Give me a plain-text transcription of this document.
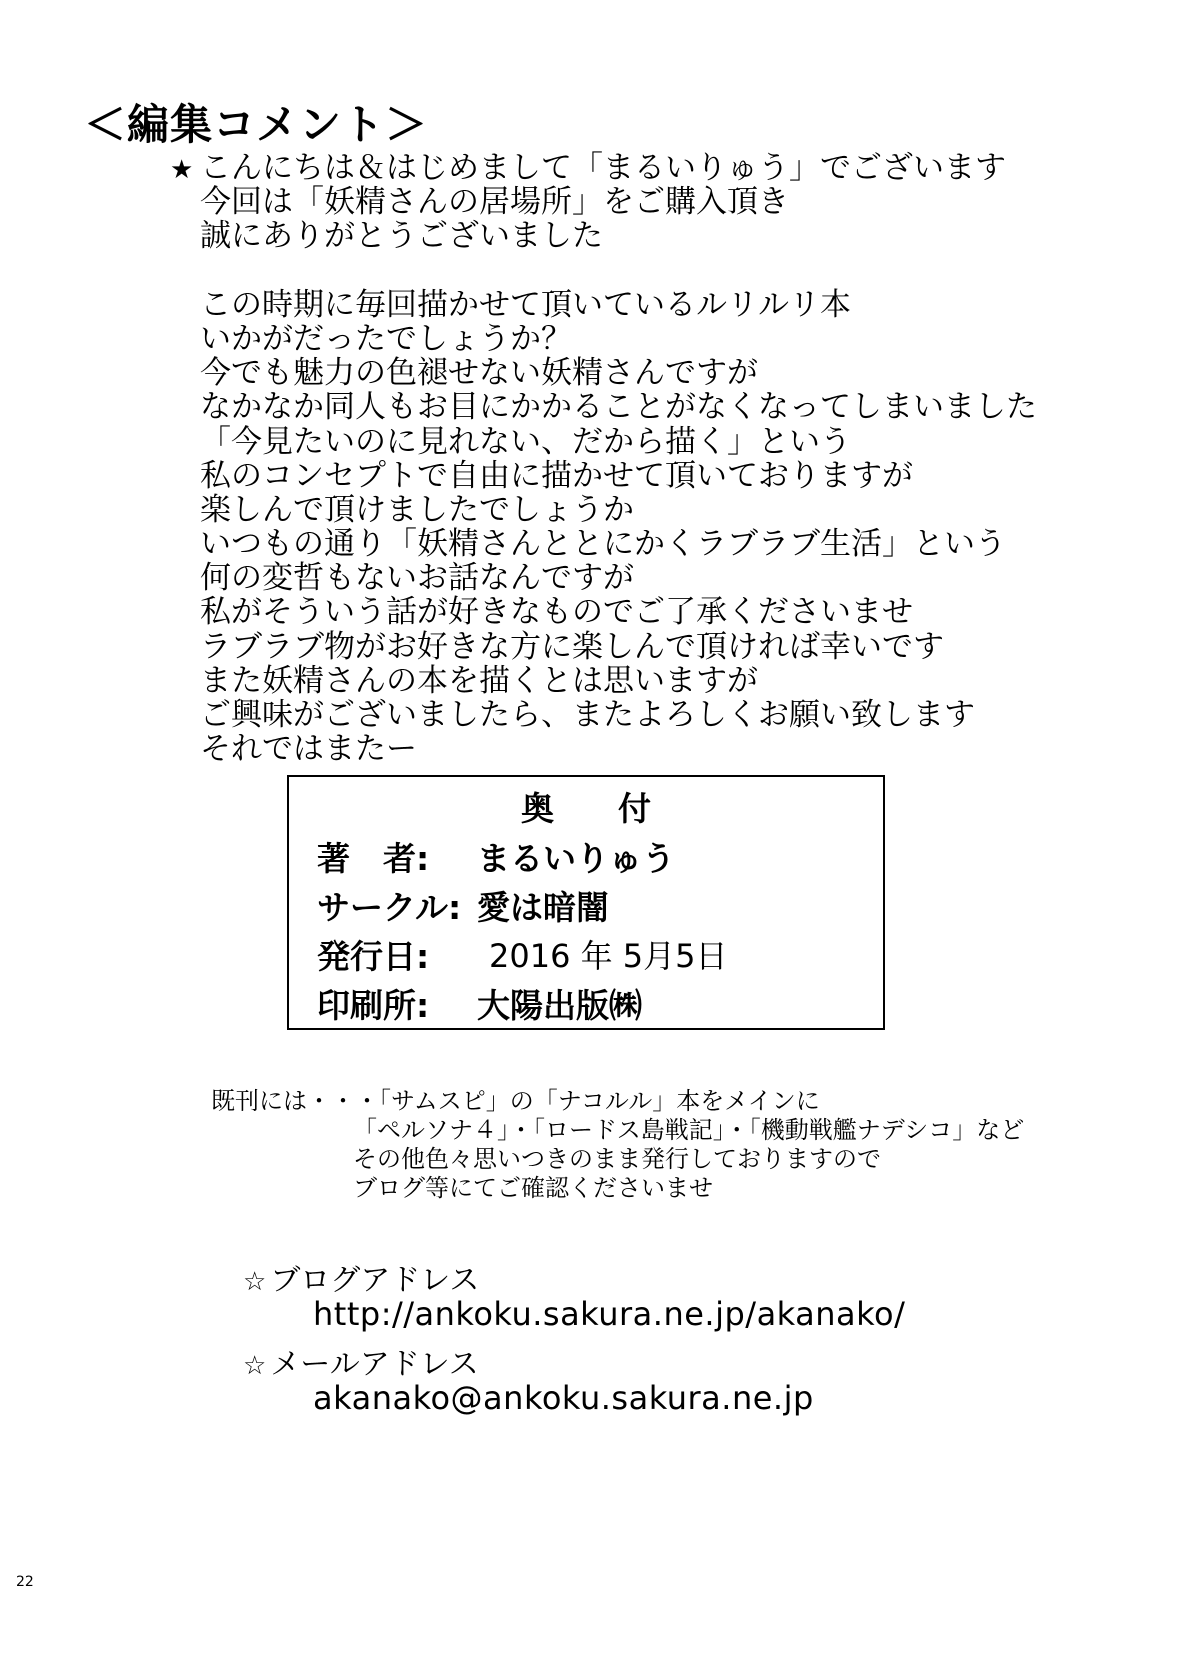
＜編集コメント＞
★ こんにちは＆はじめまして「まるいりゅう」でございます
今回は「妖精さんの居場所」をご購入頂き
誠にありがとうございました
この時期に毎回描かせて頂いているルリルリ本
いかがだったでしょうか？
今でも魅力の色褪せない妖精さんですが
なかなか同人もお目にかかることがなくなってしまいました
「今見たいのに見れない、だから描く」という
私のコンセプトで自由に描かせて頂いておりますが
楽しんで頂けましたでしょうか
いつもの通り「妖精さんととにかくラブラブ生活」という
何の変哲もないお話なんですが
私がそういう話が好きなものでご了承くださいませ
ラブラブ物がお好きな方に楽しんで頂ければ幸いです
また妖精さんの本を描くとは思いますが
ご興味がございましたら、またよろしくお願い致します
それではまたー
奥 付
著　者:	まるいりゅう
サークル: 愛は暗闇
発行日:	2016 年 5月5日
印刷所:	大陽出版㈱
既刊には・・・「サムスピ」の「ナコルル」本をメインに
「ペルソナ４」・「ロードス島戦記」・「機動戦艦ナデシコ」など
その他色々思いつきのまま発行しておりますので
ブログ等にてご確認くださいませ
☆ ブログアドレス
http://ankoku.sakura.ne.jp/akanako/
☆ メールアドレス
akanako@ankoku.sakura.ne.jp
22
